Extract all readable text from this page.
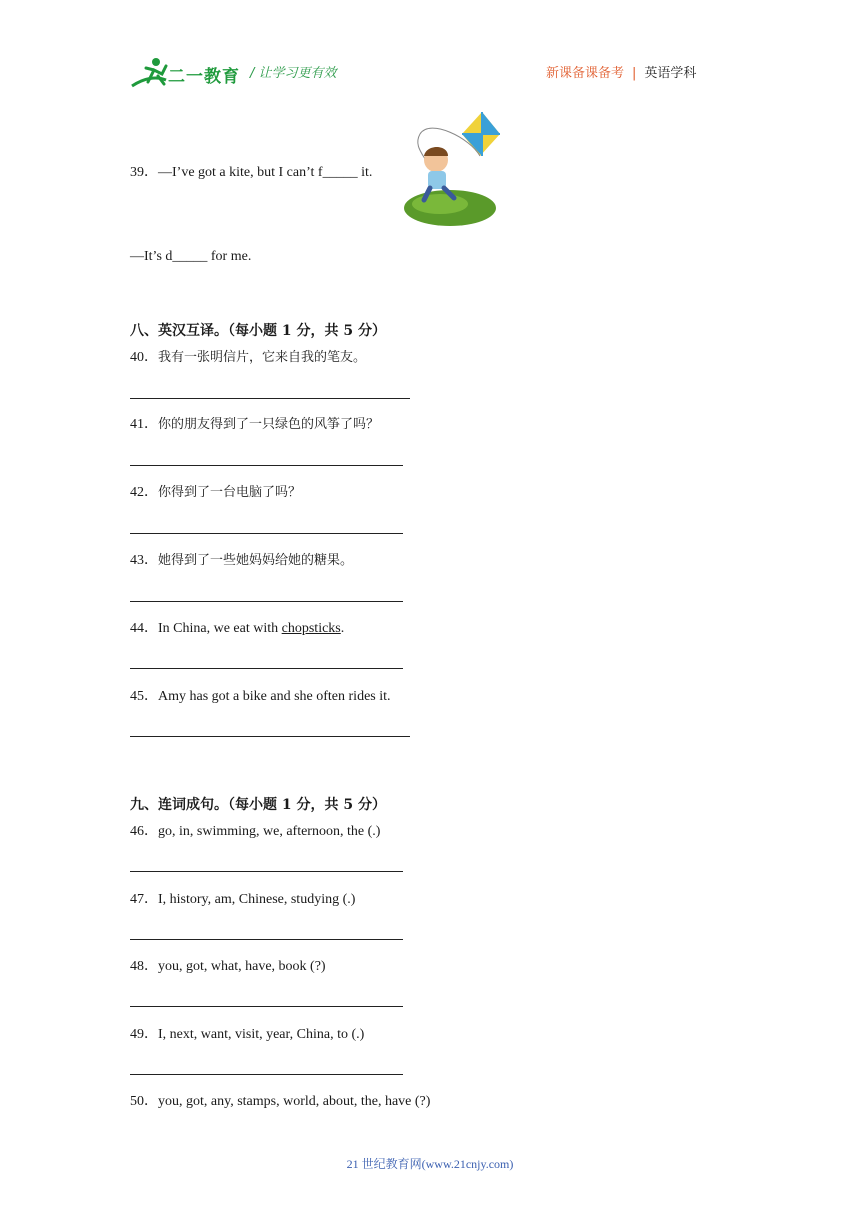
二一教育 / 让学习更有效	新课备课备考 | 英语学科
39．—I’ve got a kite, but I can’t f_____ it.
—It’s d_____ for me.
八、英汉互译。（每小题 1 分，共 5 分）
40．我有一张明信片，它来自我的笔友。
41．你的朋友得到了一只绿色的风筝了吗？
42．你得到了一台电脑了吗？
43．她得到了一些她妈妈给她的糖果。
44．In China, we eat with chopsticks.
45．Amy has got a bike and she often rides it.
九、连词成句。（每小题 1 分，共 5 分）
46．go, in, swimming, we, afternoon, the (.)
47．I, history, am, Chinese, studying (.)
48．you, got, what, have, book (?)
49．I, next, want, visit, year, China, to (.)
50．you, got, any, stamps, world, about, the, have (?)
21 世纪教育网(www.21cnjy.com)
